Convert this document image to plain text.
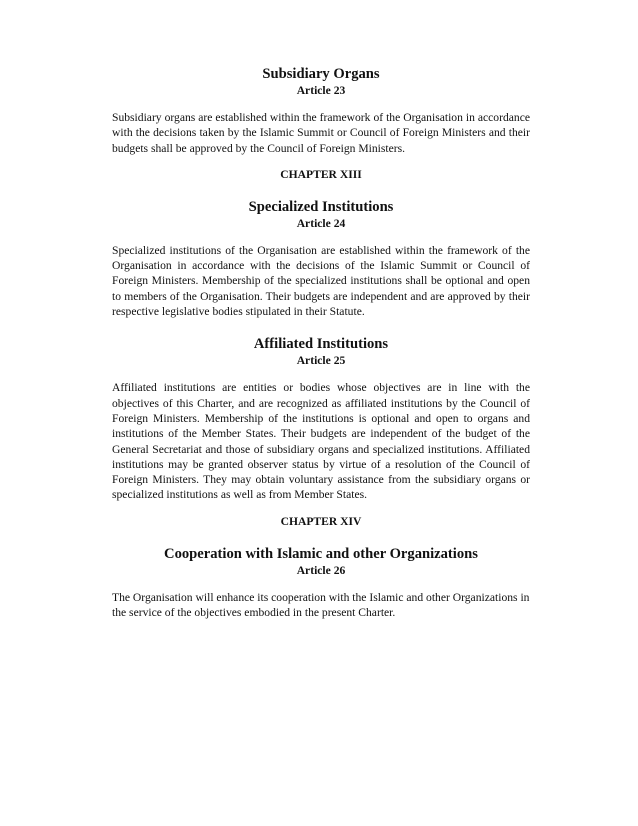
Subsidiary Organs
Article 23

Subsidiary organs are established within the framework of the Organisation in accordance with the decisions taken by the Islamic Summit or Council of Foreign Ministers and their budgets shall be approved by the Council of Foreign Ministers.

CHAPTER XIII
Specialized Institutions
Article 24

Specialized institutions of the Organisation are established within the framework of the Organisation in accordance with the decisions of the Islamic Summit or Council of Foreign Ministers. Membership of the specialized institutions shall be optional and open to members of the Organisation. Their budgets are independent and are approved by their respective legislative bodies stipulated in their Statute.

Affiliated Institutions
Article 25

Affiliated institutions are entities or bodies whose objectives are in line with the objectives of this Charter, and are recognized as affiliated institutions by the Council of Foreign Ministers. Membership of the institutions is optional and open to organs and institutions of the Member States. Their budgets are independent of the budget of the General Secretariat and those of subsidiary organs and specialized institutions. Affiliated institutions may be granted observer status by virtue of a resolution of the Council of Foreign Ministers. They may obtain voluntary assistance from the subsidiary organs or specialized institutions as well as from Member States.

CHAPTER XIV
Cooperation with Islamic and other Organizations
Article 26

The Organisation will enhance its cooperation with the Islamic and other Organizations in the service of the objectives embodied in the present Charter.
